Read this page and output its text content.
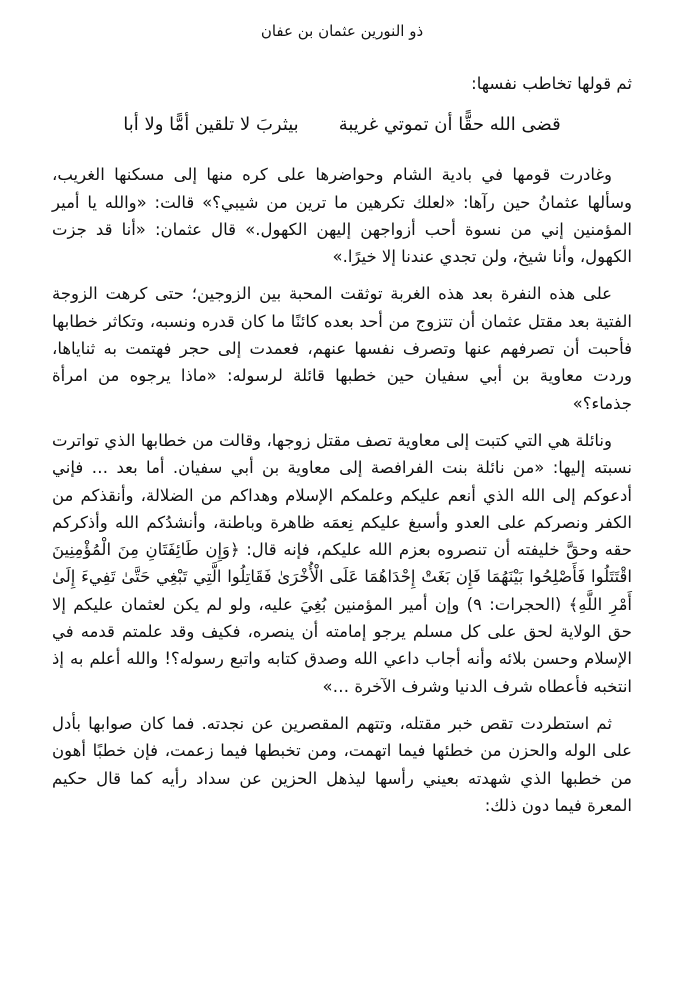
ذو النورين عثمان بن عفان

ثم قولها تخاطب نفسها:

قضى الله حقًّا أن تموتي غريبة
بيثربَ لا تلقين أمًّا ولا أبا

وغادرت قومها في بادية الشام وحواضرها على كره منها إلى مسكنها الغريب، وسألها عثمانُ حين رآها: «لعلك تكرهين ما ترين من شيبي؟» قالت: «والله يا أمير المؤمنين إني من نسوة أحب أزواجهن إليهن الكهول.» قال عثمان: «أنا قد جزت الكهول، وأنا شيخ، ولن تجدي عندنا إلا خيرًا.»

على هذه النفرة بعد هذه الغربة توثقت المحبة بين الزوجين؛ حتى كرهت الزوجة الفتية بعد مقتل عثمان أن تتزوج من أحد بعده كائنًا ما كان قدره ونسبه، وتكاثر خطابها فأحبت أن تصرفهم عنها وتصرف نفسها عنهم، فعمدت إلى حجر فهتمت به ثناياها، وردت معاوية بن أبي سفيان حين خطبها قائلة لرسوله: «ماذا يرجوه من امرأة جذماء؟»

ونائلة هي التي كتبت إلى معاوية تصف مقتل زوجها، وقالت من خطابها الذي تواترت نسبته إليها: «من نائلة بنت الفرافصة إلى معاوية بن أبي سفيان. أما بعد … فإني أدعوكم إلى الله الذي أنعم عليكم وعلمكم الإسلام وهداكم من الضلالة، وأنقذكم من الكفر ونصركم على العدو وأسبغ عليكم نِعمَه ظاهرة وباطنة، وأنشدُكم الله وأذكركم حقه وحقَّ خليفته أن تنصروه بعزم الله عليكم، فإنه قال: ﴿وَإِن طَائِفَتَانِ مِنَ الْمُؤْمِنِينَ اقْتَتَلُوا فَأَصْلِحُوا بَيْنَهُمَا فَإِن بَغَتْ إِحْدَاهُمَا عَلَى الْأُخْرَىٰ فَقَاتِلُوا الَّتِي تَبْغِي حَتَّىٰ تَفِيءَ إِلَىٰ أَمْرِ اللَّهِ﴾ (الحجرات: ٩) وإن أمير المؤمنين بُغِيَ عليه، ولو لم يكن لعثمان عليكم إلا حق الولاية لحق على كل مسلم يرجو إمامته أن ينصره، فكيف وقد علمتم قدمه في الإسلام وحسن بلائه وأنه أجاب داعي الله وصدق كتابه واتبع رسوله؟! والله أعلم به إذ انتخبه فأعطاه شرف الدنيا وشرف الآخرة …»

ثم استطردت تقص خبر مقتله، وتتهم المقصرين عن نجدته. فما كان صوابها بأدل على الوله والحزن من خطئها فيما اتهمت، ومن تخبطها فيما زعمت، فإن خطبًا أهون من خطبها الذي شهدته بعيني رأسها ليذهل الحزين عن سداد رأيه كما قال حكيم المعرة فيما دون ذلك:
